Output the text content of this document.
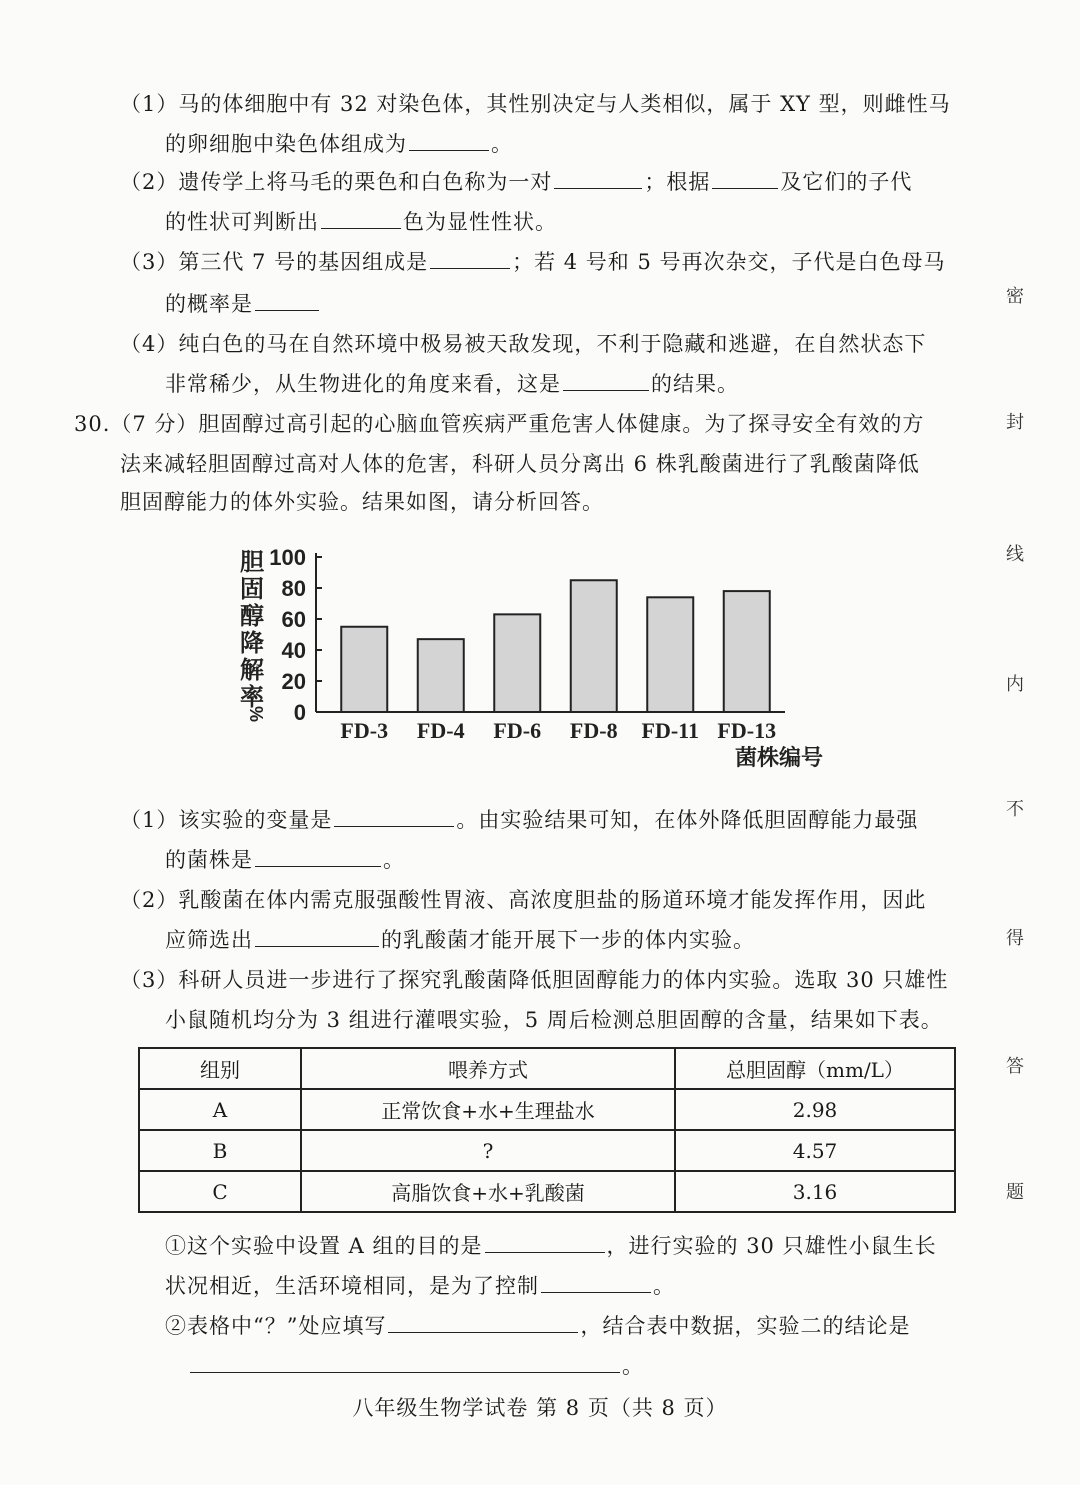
（1）马的体细胞中有 32 对染色体，其性别决定与人类相似，属于 XY 型，则雌性马
的卵细胞中染色体组成为	。
（2）遗传学上将马毛的栗色和白色称为一对	；根据	及它们的子代
的性状可判断出	色为显性性状。
（3）第三代 7 号的基因组成是	；若 4 号和 5 号再次杂交，子代是白色母马
的概率是
（4）纯白色的马在自然环境中极易被天敌发现，不利于隐藏和逃避，在自然状态下
非常稀少，从生物进化的角度来看，这是	的结果。
30.（7 分）胆固醇过高引起的心脑血管疾病严重危害人体健康。为了探寻安全有效的方
法来减轻胆固醇过高对人体的危害，科研人员分离出 6 株乳酸菌进行了乳酸菌降低
胆固醇能力的体外实验。结果如图，请分析回答。
胆
固
醇
降
解
率
% 0
20
40
60
80
100
FD-3 FD-4 FD-6 FD-8 FD-11 FD-13
菌株编号
（1）该实验的变量是	。由实验结果可知，在体外降低胆固醇能力最强
的菌株是	。
（2）乳酸菌在体内需克服强酸性胃液、高浓度胆盐的肠道环境才能发挥作用，因此
应筛选出	的乳酸菌才能开展下一步的体内实验。
（3）科研人员进一步进行了探究乳酸菌降低胆固醇能力的体内实验。选取 30 只雄性
小鼠随机均分为 3 组进行灌喂实验，5 周后检测总胆固醇的含量，结果如下表。
组别	喂养方式	总胆固醇（mm/L）
A	正常饮食+水+生理盐水	2.98
B	?	4.57
C	高脂饮食+水+乳酸菌	3.16
①这个实验中设置 A 组的目的是	，进行实验的 30 只雄性小鼠生长
状况相近，生活环境相同，是为了控制	。
②表格中“？”处应填写	，结合表中数据，实验二的结论是
。
密
封
线
内
不
得
答
题
八年级生物学试卷 第 8 页（共 8 页）
